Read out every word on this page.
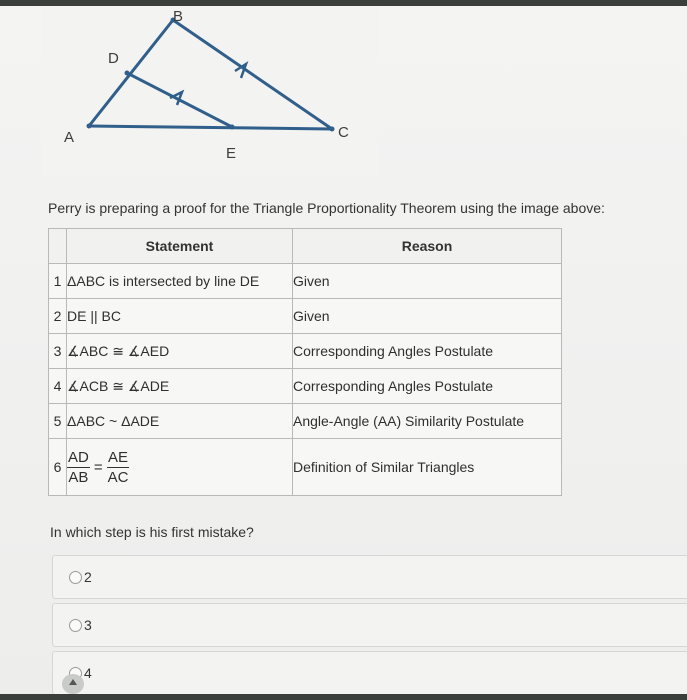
A
D
B
C
E
Perry is preparing a proof for the Triangle Proportionality Theorem using the image above:
	Statement	Reason
1	ΔABC is intersected by line DE	Given
2	DE || BC	Given
3	∡ABC ≅ ∡AED	Corresponding Angles Postulate
4	∡ACB ≅ ∡ADE	Corresponding Angles Postulate
5	ΔABC ~ ΔADE	Angle-Angle (AA) Similarity Postulate
6	$\frac{AD}{AB} = \frac{AE}{AC}$	Definition of Similar Triangles
In which step is his first mistake?
2
3
4
